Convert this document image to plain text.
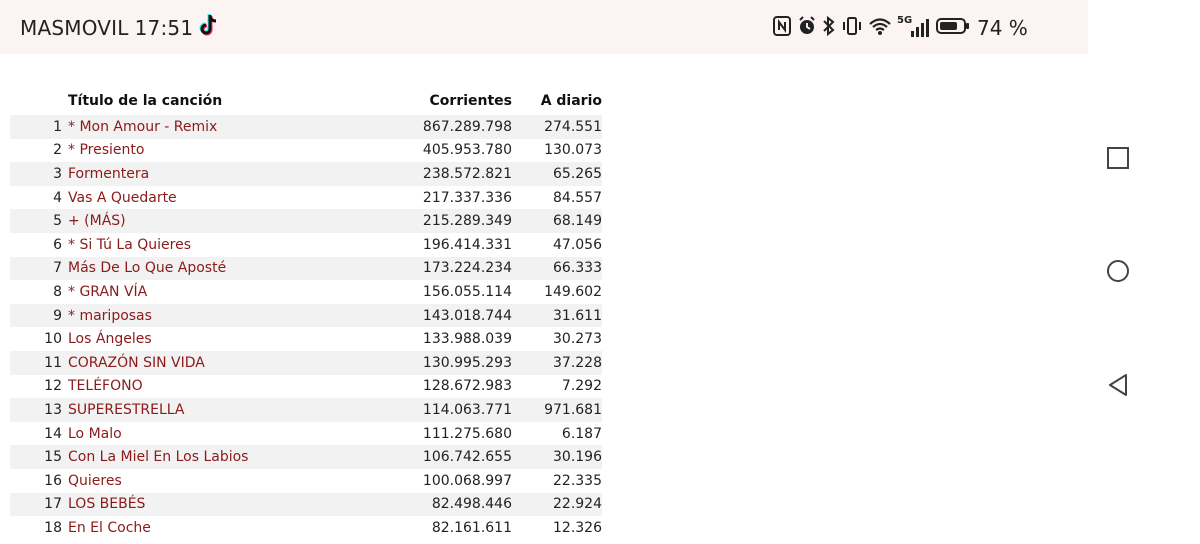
MASMOVIL 17:51	5G	74 %
	Título de la canción	Corrientes	A diario
1	* Mon Amour - Remix	867.289.798	274.551
2	* Presiento	405.953.780	130.073
3	Formentera	238.572.821	65.265
4	Vas A Quedarte	217.337.336	84.557
5	+ (MÁS)	215.289.349	68.149
6	* Si Tú La Quieres	196.414.331	47.056
7	Más De Lo Que Aposté	173.224.234	66.333
8	* GRAN VÍA	156.055.114	149.602
9	* mariposas	143.018.744	31.611
10	Los Ángeles	133.988.039	30.273
11	CORAZÓN SIN VIDA	130.995.293	37.228
12	TELÉFONO	128.672.983	7.292
13	SUPERESTRELLA	114.063.771	971.681
14	Lo Malo	111.275.680	6.187
15	Con La Miel En Los Labios	106.742.655	30.196
16	Quieres	100.068.997	22.335
17	LOS BEBÉS	82.498.446	22.924
18	En El Coche	82.161.611	12.326
